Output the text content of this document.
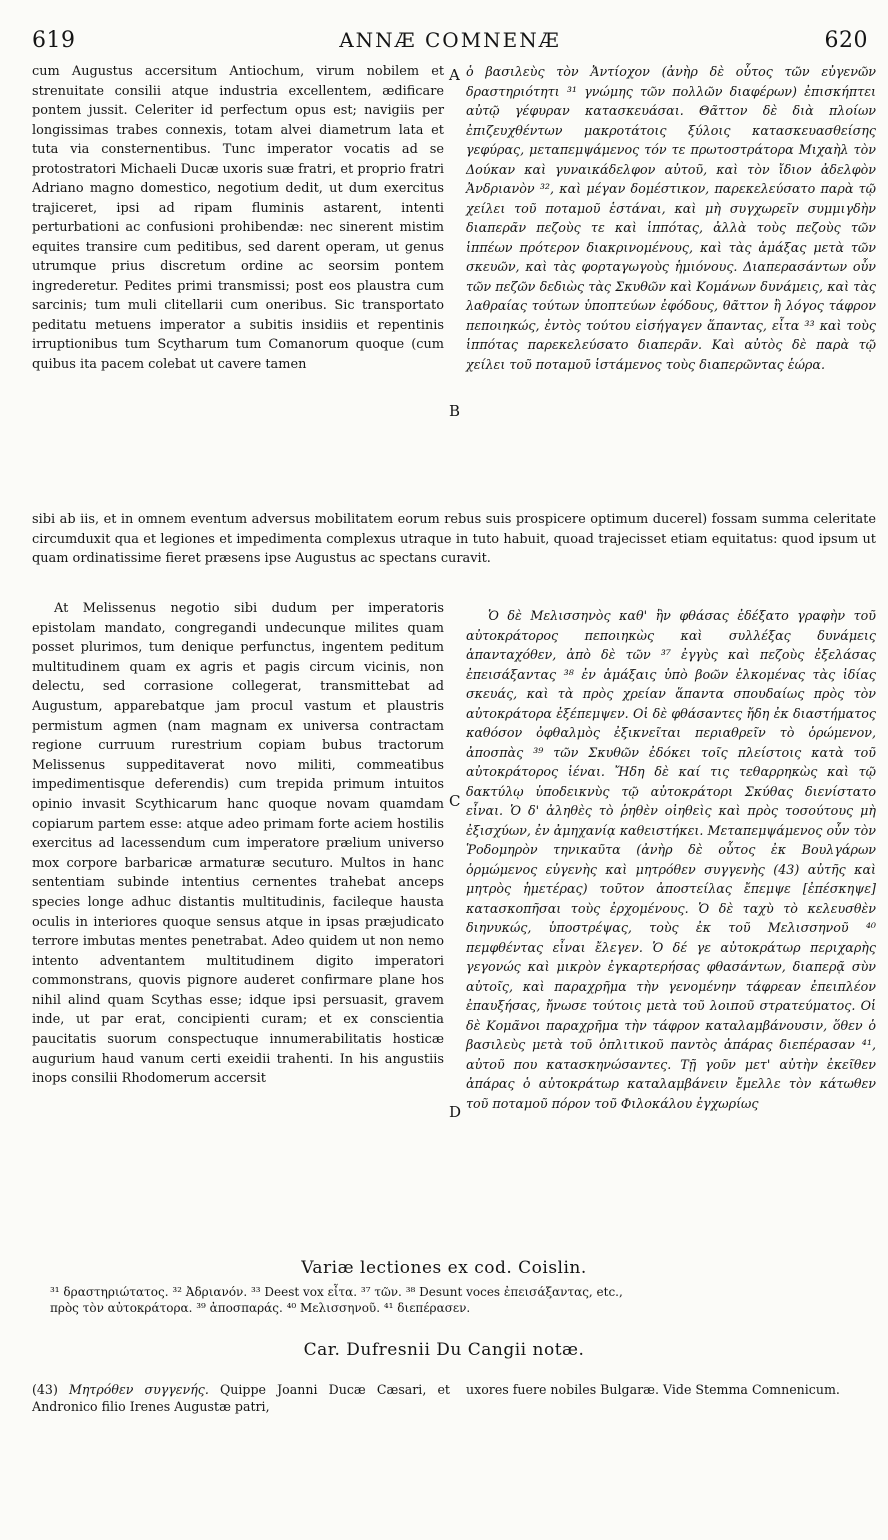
619	ANNÆ COMNENÆ	620
A
B
C
D

cum Augustus accersitum Antiochum, virum nobilem et strenuitate consilii atque industria excellentem, ædificare pontem jussit. Celeriter id perfectum opus est; navigiis per longissimas trabes connexis, totam alvei diametrum lata et tuta via consternentibus. Tunc imperator vocatis ad se protostratori Michaeli Ducæ uxoris suæ fratri, et proprio fratri Adriano magno domestico, negotium dedit, ut dum exercitus trajiceret, ipsi ad ripam fluminis astarent, intenti perturbationi ac confusioni prohibendæ: nec sinerent mistim equites transire cum peditibus, sed darent operam, ut genus utrumque prius discretum ordine ac seorsim pontem ingrederetur. Pedites primi transmissi; post eos plaustra cum sarcinis; tum muli clitellarii cum oneribus. Sic transportato peditatu metuens imperator a subitis insidiis et repentinis irruptionibus tum Scytharum tum Comanorum quoque (cum quibus ita pacem colebat ut cavere tamen

ὁ βασιλεὺς τὸν Ἀντίοχον (ἀνὴρ δὲ οὗτος τῶν εὐγενῶν δραστηριότητι ³¹ γνώμης τῶν πολλῶν διαφέρων) ἐπισκήπτει αὐτῷ γέφυραν κατασκευάσαι. Θᾶττον δὲ διὰ πλοίων ἐπιζευχθέντων μακροτάτοις ξύλοις κατασκευασθείσης γεφύρας, μεταπεμψάμενος τόν τε πρωτοστράτορα Μιχαὴλ τὸν Δούκαν καὶ γυναικάδελφον αὐτοῦ, καὶ τὸν ἴδιον ἀδελφὸν Ἀνδριανὸν ³², καὶ μέγαν δομέστικον, παρεκελεύσατο παρὰ τῷ χείλει τοῦ ποταμοῦ ἑστάναι, καὶ μὴ συγχωρεῖν συμμιγδὴν διαπερᾶν πεζοὺς τε καὶ ἱππότας, ἀλλὰ τοὺς πεζοὺς τῶν ἱππέων πρότερον διακρινομένους, καὶ τὰς ἁμάξας μετὰ τῶν σκευῶν, καὶ τὰς φορταγωγοὺς ἡμιόνους. Διαπερασάντων οὖν τῶν πεζῶν δεδιὼς τὰς Σκυθῶν καὶ Κομάνων δυνάμεις, καὶ τὰς λαθραίας τούτων ὑποπτεύων ἐφόδους, θᾶττον ἢ λόγος τάφρον πεποιηκώς, ἐντὸς τούτου εἰσήγαγεν ἅπαντας, εἶτα ³³ καὶ τοὺς ἱππότας παρεκελεύσατο διαπερᾶν. Καὶ αὐτὸς δὲ παρὰ τῷ χείλει τοῦ ποταμοῦ ἱστάμενος τοὺς διαπερῶντας ἑώρα.

sibi ab iis, et in omnem eventum adversus mobilitatem eorum rebus suis prospicere optimum ducerel) fossam summa celeritate circumduxit qua et legiones et impedimenta complexus utraque in tuto habuit, quoad trajecisset etiam equitatus: quod ipsum ut quam ordinatissime fieret præsens ipse Augustus ac spectans curavit.

At Melissenus negotio sibi dudum per imperatoris epistolam mandato, congregandi undecunque milites quam posset plurimos, tum denique perfunctus, ingentem peditum multitudinem quam ex agris et pagis circum vicinis, non delectu, sed corrasione collegerat, transmittebat ad Augustum, apparebatque jam procul vastum et plaustris permistum agmen (nam magnam ex universa contractam regione curruum rurestrium copiam bubus tractorum Melissenus suppeditaverat novo militi, commeatibus impedimentisque deferendis) cum trepida primum intuitos opinio invasit Scythicarum hanc quoque novam quamdam copiarum partem esse: atque adeo primam forte aciem hostilis exercitus ad lacessendum cum imperatore prælium universo mox corpore barbaricæ armaturæ secuturo. Multos in hanc sententiam subinde intentius cernentes trahebat anceps species longe adhuc distantis multitudinis, facileque hausta oculis in interiores quoque sensus atque in ipsas præjudicato terrore imbutas mentes penetrabat. Adeo quidem ut non nemo intento adventantem multitudinem digito imperatori commonstrans, quovis pignore auderet confirmare plane hos nihil alind quam Scythas esse; idque ipsi persuasit, gravem inde, ut par erat, concipienti curam; et ex conscientia paucitatis suorum conspectuque innumerabilitatis hosticæ augurium haud vanum certi exeidii trahenti. In his angustiis inops consilii Rhodomerum accersit

Ὁ δὲ Μελισσηνὸς καθ' ἣν φθάσας ἐδέξατο γραφὴν τοῦ αὐτοκράτορος πεποιηκὼς καὶ συλλέξας δυνάμεις ἁπανταχόθεν, ἀπὸ δὲ τῶν ³⁷ ἐγγὺς καὶ πεζοὺς ἐξελάσας ἐπεισάξαντας ³⁸ ἐν ἁμάξαις ὑπὸ βοῶν ἑλκομένας τὰς ἰδίας σκευάς, καὶ τὰ πρὸς χρείαν ἅπαντα σπουδαίως πρὸς τὸν αὐτοκράτορα ἐξέπεμψεν. Οἱ δὲ φθάσαντες ἤδη ἐκ διαστήματος καθόσον ὀφθαλμὸς ἐξικνεῖται περιαθρεῖν τὸ ὁρώμενον, ἀποσπὰς ³⁹ τῶν Σκυθῶν ἐδόκει τοῖς πλείστοις κατὰ τοῦ αὐτοκράτορος ἰέναι. Ἤδη δὲ καί τις τεθαρρηκὼς καὶ τῷ δακτύλῳ ὑποδεικνὺς τῷ αὐτοκράτορι Σκύθας διενίστατο εἶναι. Ὁ δ' ἀληθὲς τὸ ῥηθὲν οἰηθεὶς καὶ πρὸς τοσούτους μὴ ἐξισχύων, ἐν ἀμηχανίᾳ καθειστήκει. Μεταπεμψάμενος οὖν τὸν Ῥοδομηρὸν τηνικαῦτα (ἀνὴρ δὲ οὗτος ἐκ Βουλγάρων ὁρμώμενος εὐγενὴς καὶ μητρόθεν συγγενὴς (43) αὐτῆς καὶ μητρὸς ἡμετέρας) τοῦτον ἀποστείλας ἔπεμψε [ἐπέσκηψε] κατασκοπῆσαι τοὺς ἐρχομένους. Ὁ δὲ ταχὺ τὸ κελευσθὲν διηνυκώς, ὑποστρέψας, τοὺς ἐκ τοῦ Μελισσηνοῦ ⁴⁰ πεμφθέντας εἶναι ἔλεγεν. Ὁ δέ γε αὐτοκράτωρ περιχαρὴς γεγονώς καὶ μικρὸν ἐγκαρτερήσας φθασάντων, διαπερᾷ σὺν αὐτοῖς, καὶ παραχρῆμα τὴν γενομένην τάφρεαν ἐπειπλέον ἐπαυξήσας, ἤνωσε τούτοις μετὰ τοῦ λοιποῦ στρατεύματος. Οἱ δὲ Κομᾶνοι παραχρῆμα τὴν τάφρον καταλαμβάνουσιν, ὅθεν ὁ βασιλεὺς μετὰ τοῦ ὁπλιτικοῦ παντὸς ἀπάρας διεπέρασαν ⁴¹, αὐτοῦ που κατασκηνώσαντες. Τῇ γοῦν μετ' αὐτὴν ἐκεῖθεν ἀπάρας ὁ αὐτοκράτωρ καταλαμβάνειν ἔμελλε τὸν κάτωθεν τοῦ ποταμοῦ πόρον τοῦ Φιλοκάλου ἐγχωρίως

Variæ lectiones ex cod. Coislin.

³¹ δραστηριώτατος. ³² Ἀδριανόν. ³³ Deest vox εἶτα. ³⁷ τῶν. ³⁸ Desunt voces ἐπεισάξαντας, etc.,

πρὸς τὸν αὐτοκράτορα. ³⁹ ἀποσπαράς. ⁴⁰ Μελισσηνοῦ. ⁴¹ διεπέρασεν.

Car. Dufresnii Du Cangii notæ.
(43) Μητρόθεν συγγενής. Quippe Joanni Ducæ Cæsari, et Andronico filio Irenes Augustæ patri,
uxores fuere nobiles Bulgaræ. Vide Stemma Comnenicum.
